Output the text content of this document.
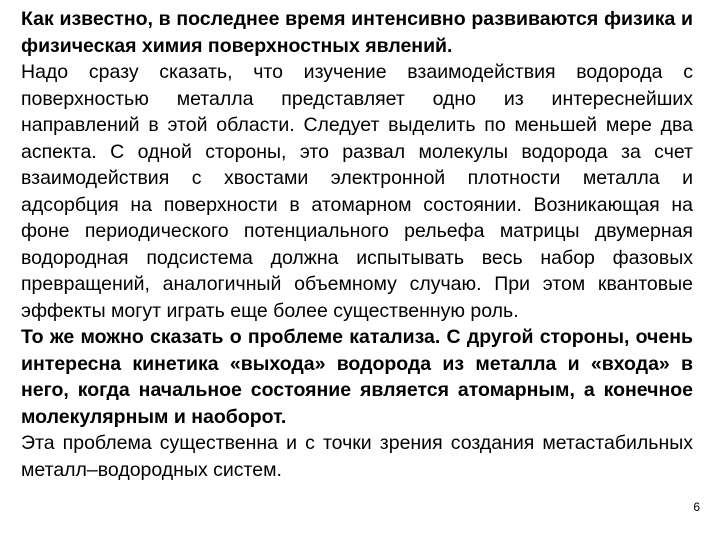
Как известно, в последнее время интенсивно развиваются физика и физическая химия поверхностных явлений.

Надо сразу сказать, что изучение взаимодействия водорода с поверхностью металла представляет одно из интереснейших направлений в этой области. Следует выделить по меньшей мере два аспекта. С одной стороны, это развал молекулы водорода за счет взаимодействия с хвостами электронной плотности металла и адсорбция на поверхности в атомарном состоянии. Возникающая на фоне периодического потенциального рельефа матрицы двумерная водородная подсистема должна испытывать весь набор фазовых превращений, аналогичный объемному случаю. При этом квантовые эффекты могут играть еще более существенную роль.

То же можно сказать о проблеме катализа. С другой стороны, очень интересна кинетика «выхода» водорода из металла и «входа» в него, когда начальное состояние является атомарным, а конечное молекулярным и наоборот.

Эта проблема существенна и с точки зрения создания метастабильных металл–водородных систем.

6
